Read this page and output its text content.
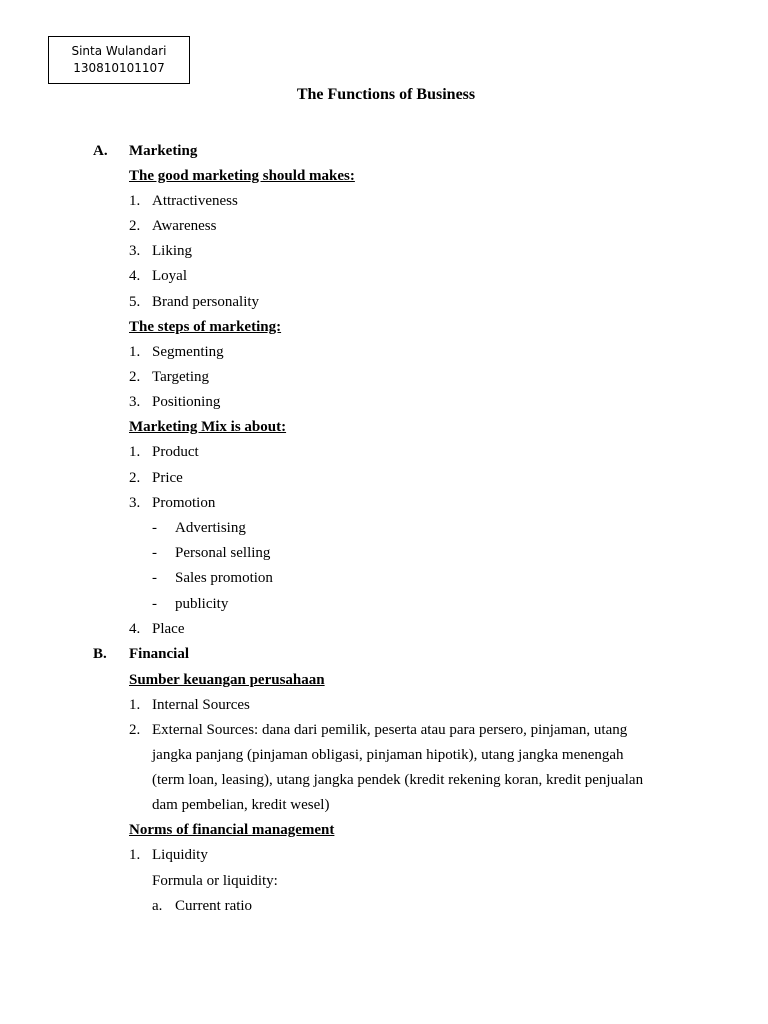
Sinta Wulandari
130810101107
The Functions of Business
A. Marketing
The good marketing should makes:
1. Attractiveness
2. Awareness
3. Liking
4. Loyal
5. Brand personality
The steps of marketing:
1. Segmenting
2. Targeting
3. Positioning
Marketing Mix is about:
1. Product
2. Price
3. Promotion
- Advertising
- Personal selling
- Sales promotion
- publicity
4. Place
B. Financial
Sumber keuangan perusahaan
1. Internal Sources
2. External Sources: dana dari pemilik, peserta atau para persero, pinjaman, utang
jangka panjang (pinjaman obligasi, pinjaman hipotik), utang jangka menengah
(term loan, leasing), utang jangka pendek (kredit rekening koran, kredit penjualan
dam pembelian, kredit wesel)
Norms of financial management
1. Liquidity
Formula or liquidity:
a. Current ratio
